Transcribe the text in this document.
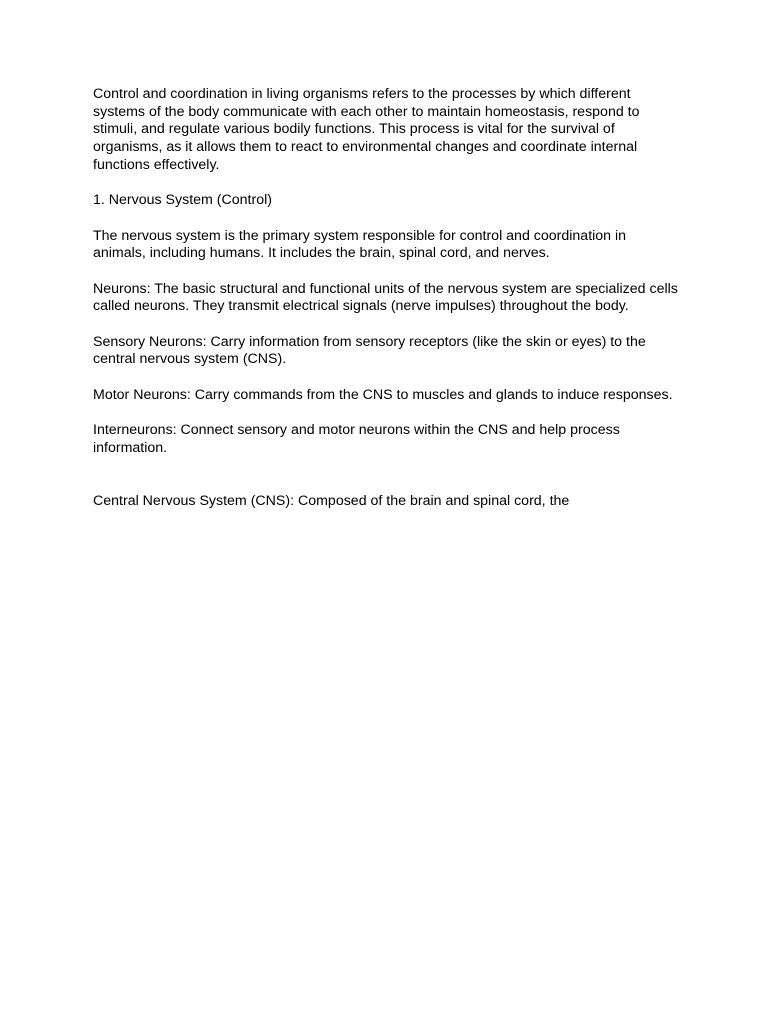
Control and coordination in living organisms refers to the processes by which different systems of the body communicate with each other to maintain homeostasis, respond to stimuli, and regulate various bodily functions. This process is vital for the survival of organisms, as it allows them to react to environmental changes and coordinate internal functions effectively.

1. Nervous System (Control)

The nervous system is the primary system responsible for control and coordination in animals, including humans. It includes the brain, spinal cord, and nerves.

Neurons: The basic structural and functional units of the nervous system are specialized cells called neurons. They transmit electrical signals (nerve impulses) throughout the body.

Sensory Neurons: Carry information from sensory receptors (like the skin or eyes) to the central nervous system (CNS).

Motor Neurons: Carry commands from the CNS to muscles and glands to induce responses.

Interneurons: Connect sensory and motor neurons within the CNS and help process information.

Central Nervous System (CNS): Composed of the brain and spinal cord, the
